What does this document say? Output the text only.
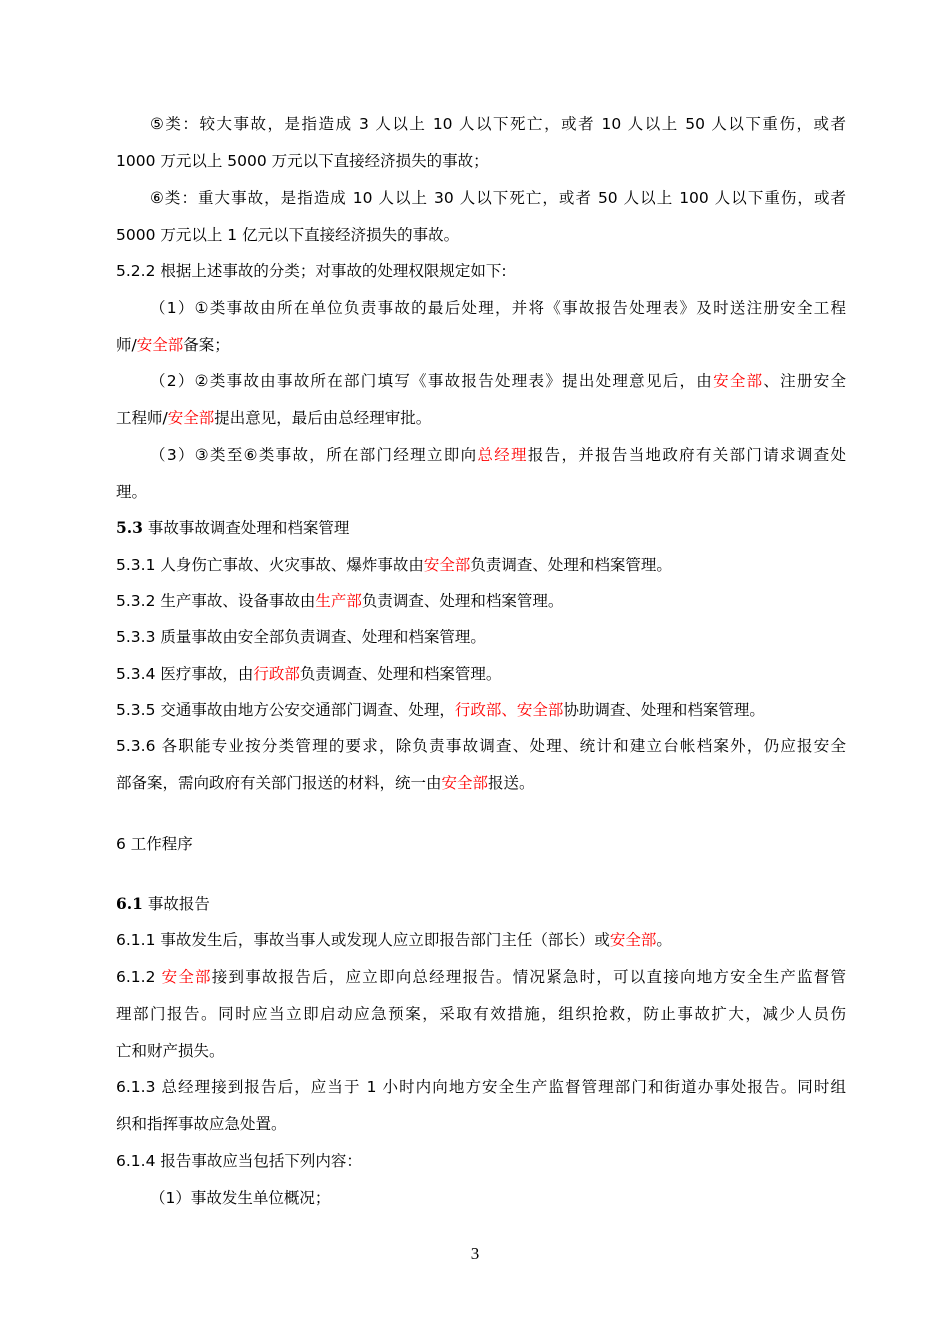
⑤类：较大事故，是指造成 3 人以上 10 人以下死亡，或者 10 人以上 50 人以下重伤，或者
1000 万元以上 5000 万元以下直接经济损失的事故；
⑥类：重大事故，是指造成 10 人以上 30 人以下死亡，或者 50 人以上 100 人以下重伤，或者
5000 万元以上 1 亿元以下直接经济损失的事故。
5.2.2 根据上述事故的分类；对事故的处理权限规定如下:
（1）①类事故由所在单位负责事故的最后处理，并将《事故报告处理表》及时送注册安全工程
师/安全部备案；
（2）②类事故由事故所在部门填写《事故报告处理表》提出处理意见后，由安全部、注册安全
工程师/安全部提出意见，最后由总经理审批。
（3）③类至⑥类事故，所在部门经理立即向总经理报告，并报告当地政府有关部门请求调查处
理。
5.3 事故事故调查处理和档案管理
5.3.1 人身伤亡事故、火灾事故、爆炸事故由安全部负责调查、处理和档案管理。
5.3.2 生产事故、设备事故由生产部负责调查、处理和档案管理。
5.3.3 质量事故由安全部负责调查、处理和档案管理。
5.3.4 医疗事故，由行政部负责调查、处理和档案管理。
5.3.5 交通事故由地方公安交通部门调查、处理，行政部、安全部协助调查、处理和档案管理。
5.3.6 各职能专业按分类管理的要求，除负责事故调查、处理、统计和建立台帐档案外，仍应报安全
部备案，需向政府有关部门报送的材料，统一由安全部报送。
6 工作程序
6.1 事故报告
6.1.1 事故发生后，事故当事人或发现人应立即报告部门主任（部长）或安全部。
6.1.2 安全部接到事故报告后，应立即向总经理报告。情况紧急时，可以直接向地方安全生产监督管
理部门报告。同时应当立即启动应急预案，采取有效措施，组织抢救，防止事故扩大，减少人员伤
亡和财产损失。
6.1.3 总经理接到报告后，应当于 1 小时内向地方安全生产监督管理部门和街道办事处报告。同时组
织和指挥事故应急处置。
6.1.4 报告事故应当包括下列内容：
（1）事故发生单位概况；
3
